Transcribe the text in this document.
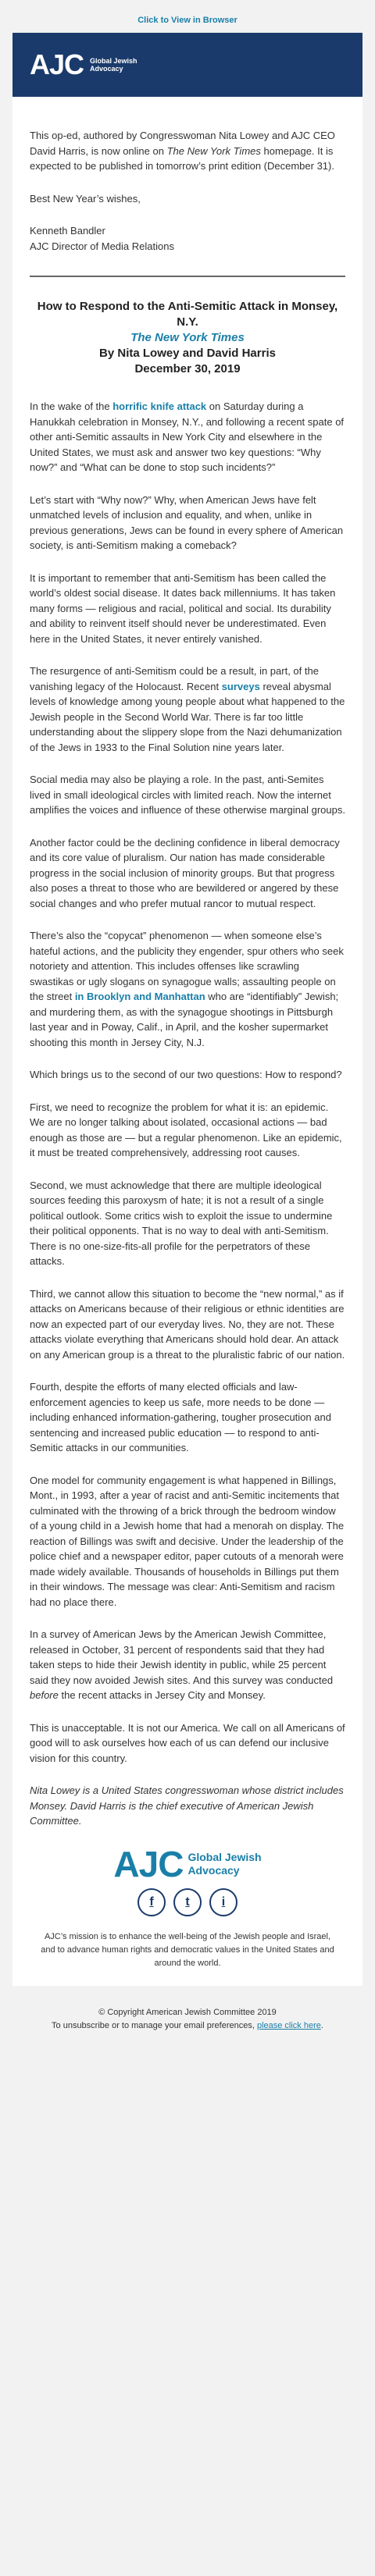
Click to View in Browser
AJC Global Jewish
Advocacy

This op-ed, authored by Congresswoman Nita Lowey and AJC CEO David Harris, is now online on The New York Times homepage. It is expected to be published in tomorrow’s print edition (December 31).

Best New Year’s wishes,

Kenneth Bandler
AJC Director of Media Relations

How to Respond to the Anti-Semitic Attack in Monsey, N.Y.
The New York Times
By Nita Lowey and David Harris
December 30, 2019

In the wake of the horrific knife attack on Saturday during a Hanukkah celebration in Monsey, N.Y., and following a recent spate of other anti-Semitic assaults in New York City and elsewhere in the United States, we must ask and answer two key questions: “Why now?” and “What can be done to stop such incidents?”

Let’s start with “Why now?” Why, when American Jews have felt unmatched levels of inclusion and equality, and when, unlike in previous generations, Jews can be found in every sphere of American society, is anti-Semitism making a comeback?

It is important to remember that anti-Semitism has been called the world’s oldest social disease. It dates back millenniums. It has taken many forms — religious and racial, political and social. Its durability and ability to reinvent itself should never be underestimated. Even here in the United States, it never entirely vanished.

The resurgence of anti-Semitism could be a result, in part, of the vanishing legacy of the Holocaust. Recent surveys reveal abysmal levels of knowledge among young people about what happened to the Jewish people in the Second World War. There is far too little understanding about the slippery slope from the Nazi dehumanization of the Jews in 1933 to the Final Solution nine years later.

Social media may also be playing a role. In the past, anti-Semites lived in small ideological circles with limited reach. Now the internet amplifies the voices and influence of these otherwise marginal groups.

Another factor could be the declining confidence in liberal democracy and its core value of pluralism. Our nation has made considerable progress in the social inclusion of minority groups. But that progress also poses a threat to those who are bewildered or angered by these social changes and who prefer mutual rancor to mutual respect.

There’s also the “copycat” phenomenon — when someone else’s hateful actions, and the publicity they engender, spur others who seek notoriety and attention. This includes offenses like scrawling swastikas or ugly slogans on synagogue walls; assaulting people on the street in Brooklyn and Manhattan who are “identifiably” Jewish; and murdering them, as with the synagogue shootings in Pittsburgh last year and in Poway, Calif., in April, and the kosher supermarket shooting this month in Jersey City, N.J.

Which brings us to the second of our two questions: How to respond?

First, we need to recognize the problem for what it is: an epidemic. We are no longer talking about isolated, occasional actions — bad enough as those are — but a regular phenomenon. Like an epidemic, it must be treated comprehensively, addressing root causes.

Second, we must acknowledge that there are multiple ideological sources feeding this paroxysm of hate; it is not a result of a single political outlook. Some critics wish to exploit the issue to undermine their political opponents. That is no way to deal with anti-Semitism. There is no one-size-fits-all profile for the perpetrators of these attacks.

Third, we cannot allow this situation to become the “new normal,” as if attacks on Americans because of their religious or ethnic identities are now an expected part of our everyday lives. No, they are not. These attacks violate everything that Americans should hold dear. An attack on any American group is a threat to the pluralistic fabric of our nation.

Fourth, despite the efforts of many elected officials and law-enforcement agencies to keep us safe, more needs to be done — including enhanced information-gathering, tougher prosecution and sentencing and increased public education — to respond to anti-Semitic attacks in our communities.

One model for community engagement is what happened in Billings, Mont., in 1993, after a year of racist and anti-Semitic incitements that culminated with the throwing of a brick through the bedroom window of a young child in a Jewish home that had a menorah on display. The reaction of Billings was swift and decisive. Under the leadership of the police chief and a newspaper editor, paper cutouts of a menorah were made widely available. Thousands of households in Billings put them in their windows. The message was clear: Anti-Semitism and racism had no place there.

In a survey of American Jews by the American Jewish Committee, released in October, 31 percent of respondents said that they had taken steps to hide their Jewish identity in public, while 25 percent said they now avoided Jewish sites. And this survey was conducted before the recent attacks in Jersey City and Monsey.

This is unacceptable. It is not our America. We call on all Americans of good will to ask ourselves how each of us can defend our inclusive vision for this country.

Nita Lowey is a United States congresswoman whose district includes Monsey. David Harris is the chief executive of American Jewish Committee.

AJC Global Jewish
Advocacy
f	t	i
AJC’s mission is to enhance the well-being of the Jewish people and Israel, and to advance human rights and democratic values in the United States and around the world.
© Copyright American Jewish Committee 2019
To unsubscribe or to manage your email preferences, please click here.
